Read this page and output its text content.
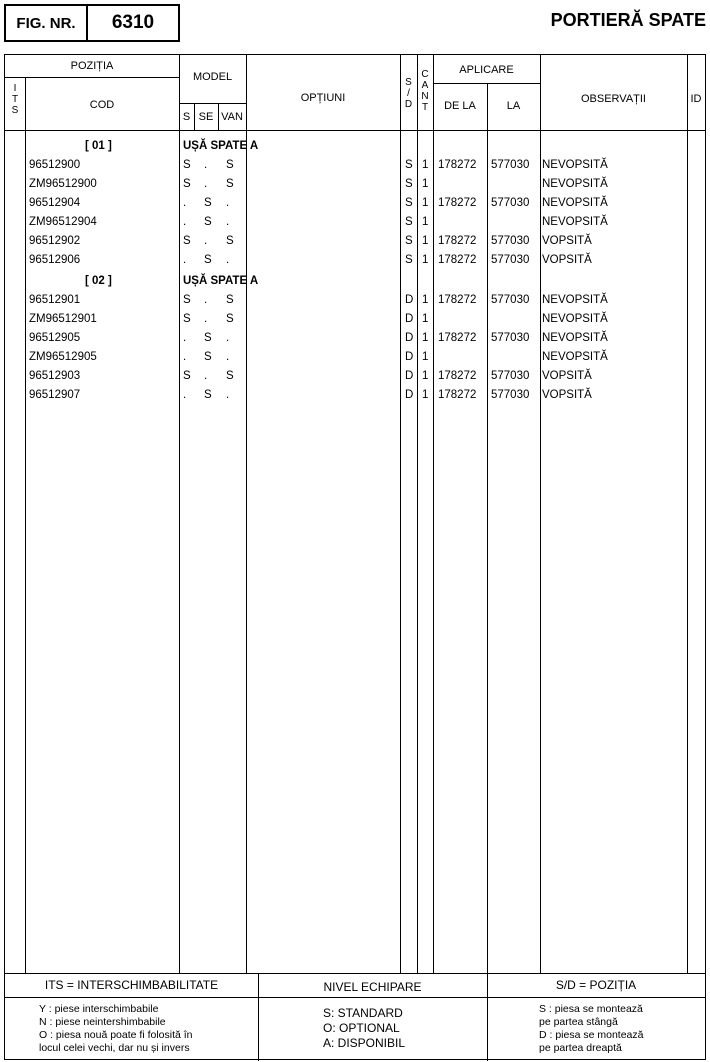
FIG. NR.	6310	PORTIERĂ SPATE
POZIȚIA
I
T
S	COD
MODEL
S SE VAN
OPȚIUNI
S
/
D
C
A
N
T
APLICARE
DE LA	LA
OBSERVAȚII	ID
[ 01 ]	UȘĂ SPATE A
96512900	S . S	S 1 178272 577030 NEVOPSITĂ
ZM96512900	S . S	S 1	NEVOPSITĂ
96512904	. S .	S 1 178272 577030 NEVOPSITĂ
ZM96512904	. S .	S 1	NEVOPSITĂ
96512902	S . S	S 1 178272 577030 VOPSITĂ
96512906	. S .	S 1 178272 577030 VOPSITĂ
[ 02 ]	UȘĂ SPATE A
96512901	S . S	D 1 178272 577030 NEVOPSITĂ
ZM96512901	S . S	D 1	NEVOPSITĂ
96512905	. S .	D 1 178272 577030 NEVOPSITĂ
ZM96512905	. S .	D 1	NEVOPSITĂ
96512903	S . S	D 1 178272 577030 VOPSITĂ
96512907	. S .	D 1 178272 577030 VOPSITĂ
ITS = INTERSCHIMBABILITATE	NIVEL ECHIPARE	S/D = POZIȚIA
Y : piese interschimbabile
N : piese neintershimbabile
O : piesa nouă poate fi folosită în
locul celei vechi, dar nu și invers
S: STANDARD
O: OPTIONAL
A: DISPONIBIL
S : piesa se montează
pe partea stângă
D : piesa se montează
pe partea dreaptă
